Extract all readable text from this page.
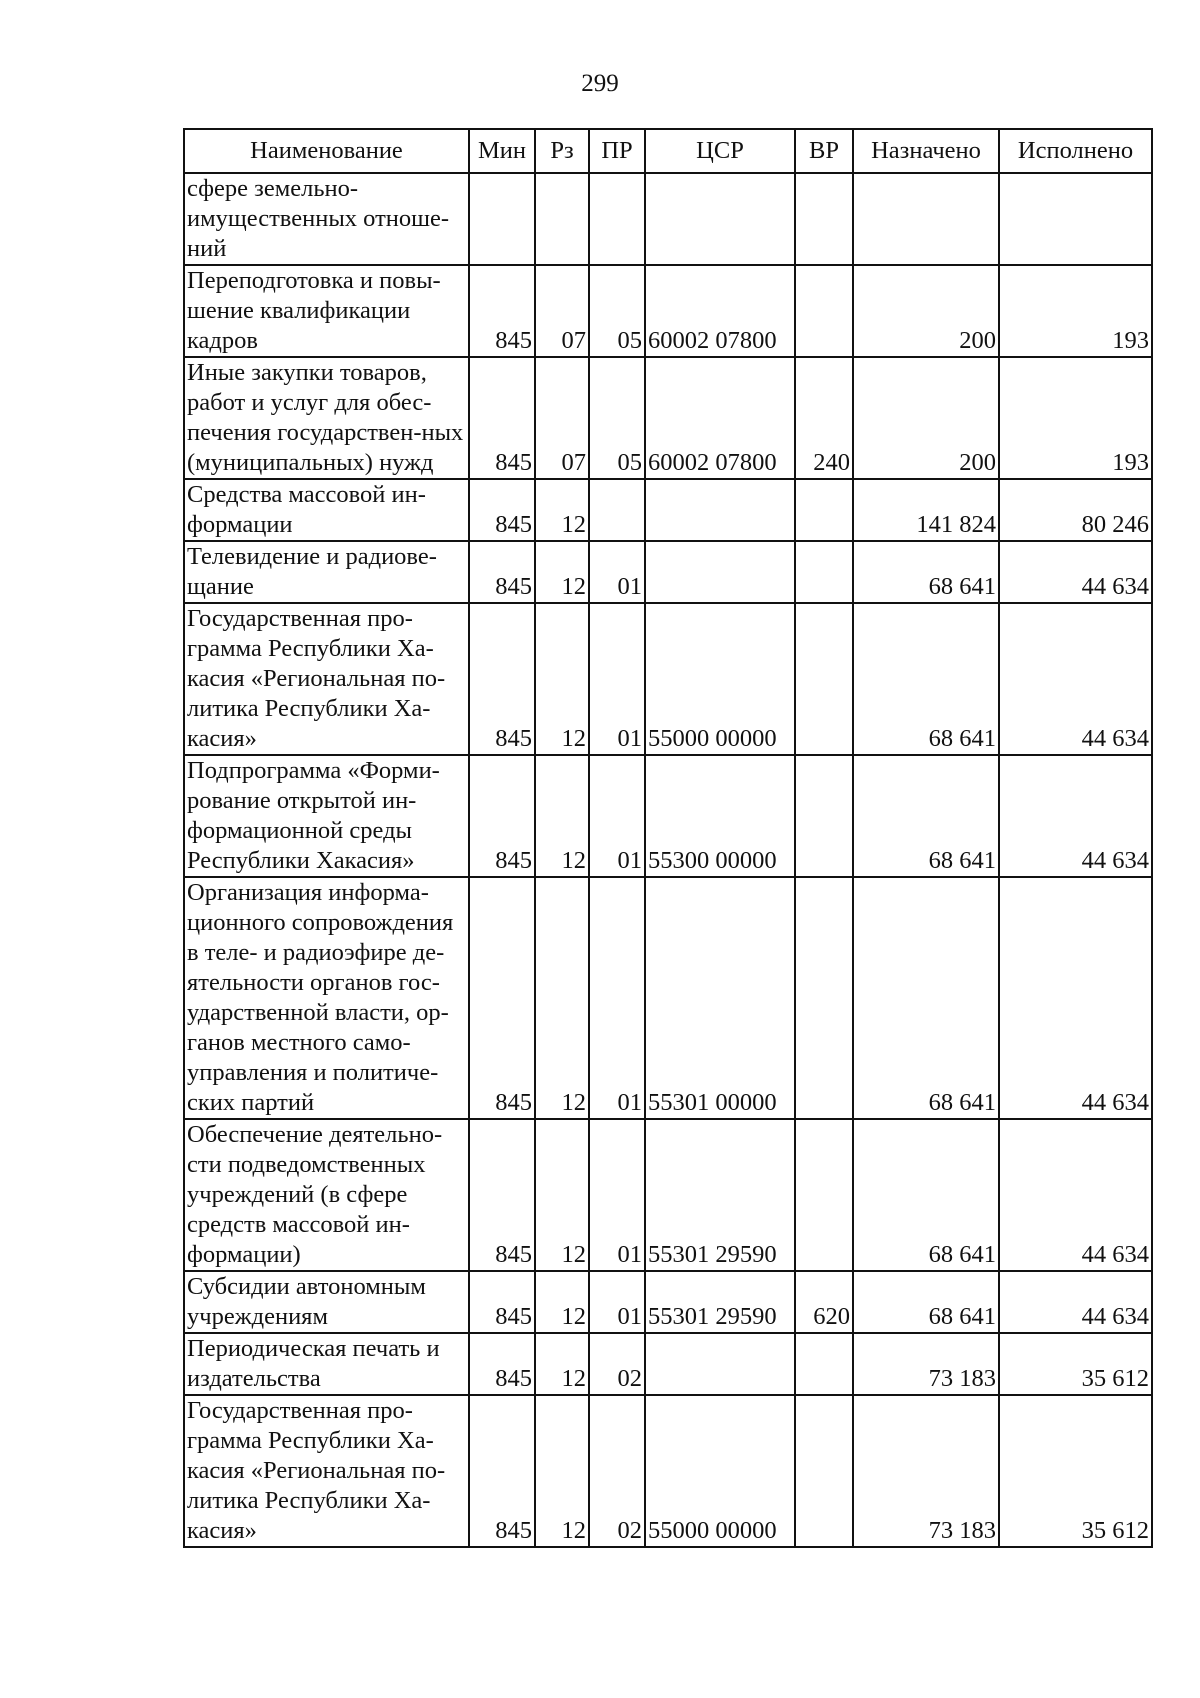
299
Наименование	Мин	Рз	ПР	ЦСР	ВР	Назначено	Исполнено
сфере земельно-имущественных отноше-ний							
Переподготовка и повы-шение квалификации кадров	845	07	05	60002 07800		200	193
Иные закупки товаров, работ и услуг для обес-печения государствен-ных (муниципальных) нужд	845	07	05	60002 07800	240	200	193
Средства массовой ин-формации	845	12				141 824	80 246
Телевидение и радиове-щание	845	12	01			68 641	44 634
Государственная про-грамма Республики Ха-касия «Региональная по-литика Республики Ха-касия»	845	12	01	55000 00000		68 641	44 634
Подпрограмма «Форми-рование открытой ин-формационной среды Республики Хакасия»	845	12	01	55300 00000		68 641	44 634
Организация информа-ционного сопровождения в теле- и радиоэфире де-ятельности органов гос-ударственной власти, ор-ганов местного само-управления и политиче-ских партий	845	12	01	55301 00000		68 641	44 634
Обеспечение деятельно-сти подведомственных учреждений (в сфере средств массовой ин-формации)	845	12	01	55301 29590		68 641	44 634
Субсидии автономным учреждениям	845	12	01	55301 29590	620	68 641	44 634
Периодическая печать и издательства	845	12	02			73 183	35 612
Государственная про-грамма Республики Ха-касия «Региональная по-литика Республики Ха-касия»	845	12	02	55000 00000		73 183	35 612
